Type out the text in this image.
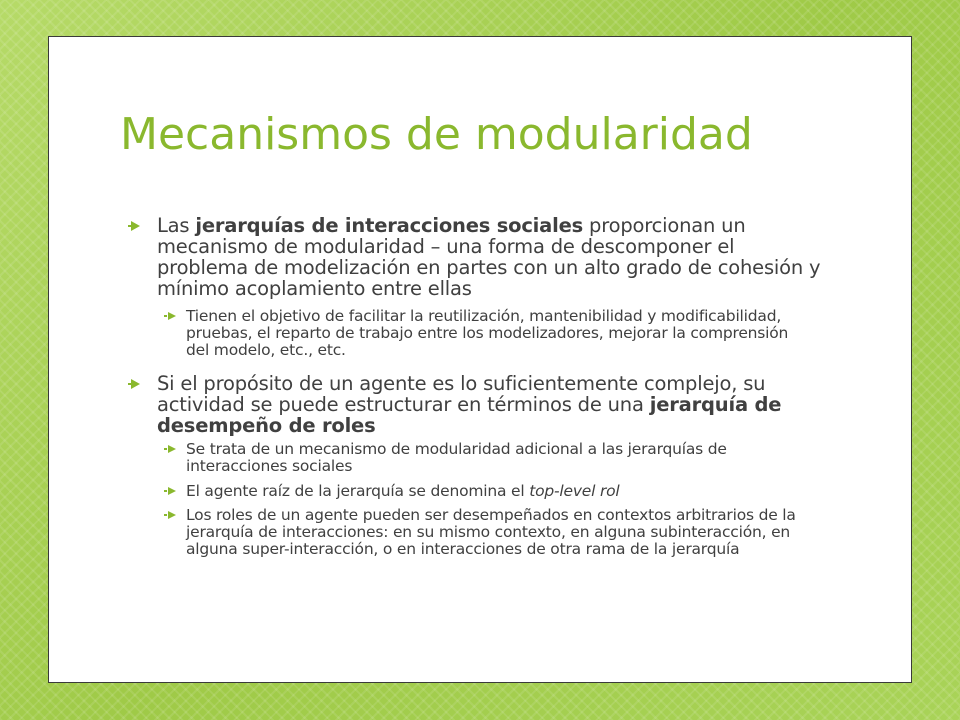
Mecanismos de modularidad
Las jerarquías de interacciones sociales proporcionan un mecanismo de modularidad – una forma de descomponer el problema de modelización en partes con un alto grado de cohesión y mínimo acoplamiento entre ellas
Tienen el objetivo de facilitar la reutilización, mantenibilidad y modificabilidad, pruebas, el reparto de trabajo entre los modelizadores, mejorar la comprensión del modelo, etc., etc.
Si el propósito de un agente es lo suficientemente complejo, su actividad se puede estructurar en términos de una jerarquía de desempeño de roles
Se trata de un mecanismo de modularidad adicional a las jerarquías de interacciones sociales
El agente raíz de la jerarquía se denomina el top-level rol
Los roles de un agente pueden ser desempeñados en contextos arbitrarios de la jerarquía de interacciones: en su mismo contexto, en alguna subinteracción, en alguna super-interacción, o en interacciones de otra rama de la jerarquía
